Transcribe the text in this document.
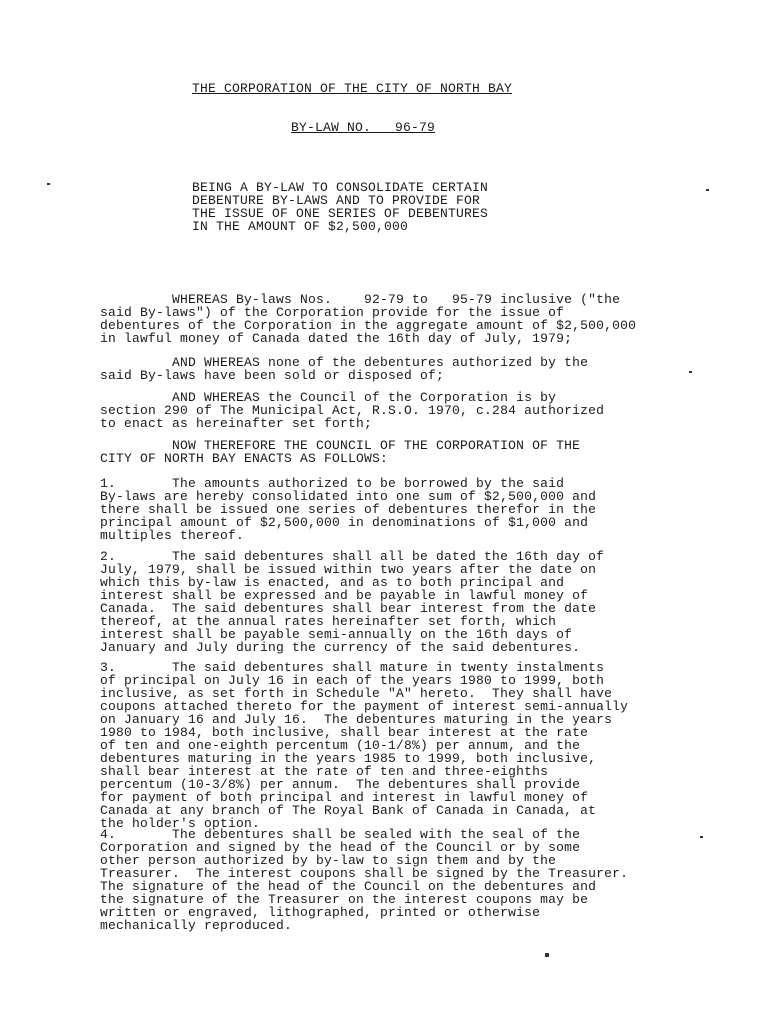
THE CORPORATION OF THE CITY OF NORTH BAY
BY-LAW NO.   96-79
BEING A BY-LAW TO CONSOLIDATE CERTAIN
DEBENTURE BY-LAWS AND TO PROVIDE FOR
THE ISSUE OF ONE SERIES OF DEBENTURES
IN THE AMOUNT OF $2,500,000
WHEREAS By-laws Nos.    92-79 to   95-79 inclusive ("the
said By-laws") of the Corporation provide for the issue of
debentures of the Corporation in the aggregate amount of $2,500,000
in lawful money of Canada dated the 16th day of July, 1979;
AND WHEREAS none of the debentures authorized by the
said By-laws have been sold or disposed of;
AND WHEREAS the Council of the Corporation is by
section 290 of The Municipal Act, R.S.O. 1970, c.284 authorized
to enact as hereinafter set forth;
NOW THEREFORE THE COUNCIL OF THE CORPORATION OF THE
CITY OF NORTH BAY ENACTS AS FOLLOWS:
1.       The amounts authorized to be borrowed by the said
By-laws are hereby consolidated into one sum of $2,500,000 and
there shall be issued one series of debentures therefor in the
principal amount of $2,500,000 in denominations of $1,000 and
multiples thereof.
2.       The said debentures shall all be dated the 16th day of
July, 1979, shall be issued within two years after the date on
which this by-law is enacted, and as to both principal and
interest shall be expressed and be payable in lawful money of
Canada.  The said debentures shall bear interest from the date
thereof, at the annual rates hereinafter set forth, which
interest shall be payable semi-annually on the 16th days of
January and July during the currency of the said debentures.
3.       The said debentures shall mature in twenty instalments
of principal on July 16 in each of the years 1980 to 1999, both
inclusive, as set forth in Schedule "A" hereto.  They shall have
coupons attached thereto for the payment of interest semi-annually
on January 16 and July 16.  The debentures maturing in the years
1980 to 1984, both inclusive, shall bear interest at the rate
of ten and one-eighth percentum (10-1/8%) per annum, and the
debentures maturing in the years 1985 to 1999, both inclusive,
shall bear interest at the rate of ten and three-eighths
percentum (10-3/8%) per annum.  The debentures shall provide
for payment of both principal and interest in lawful money of
Canada at any branch of The Royal Bank of Canada in Canada, at
the holder's option.
4.       The debentures shall be sealed with the seal of the
Corporation and signed by the head of the Council or by some
other person authorized by by-law to sign them and by the
Treasurer.  The interest coupons shall be signed by the Treasurer.
The signature of the head of the Council on the debentures and
the signature of the Treasurer on the interest coupons may be
written or engraved, lithographed, printed or otherwise
mechanically reproduced.
